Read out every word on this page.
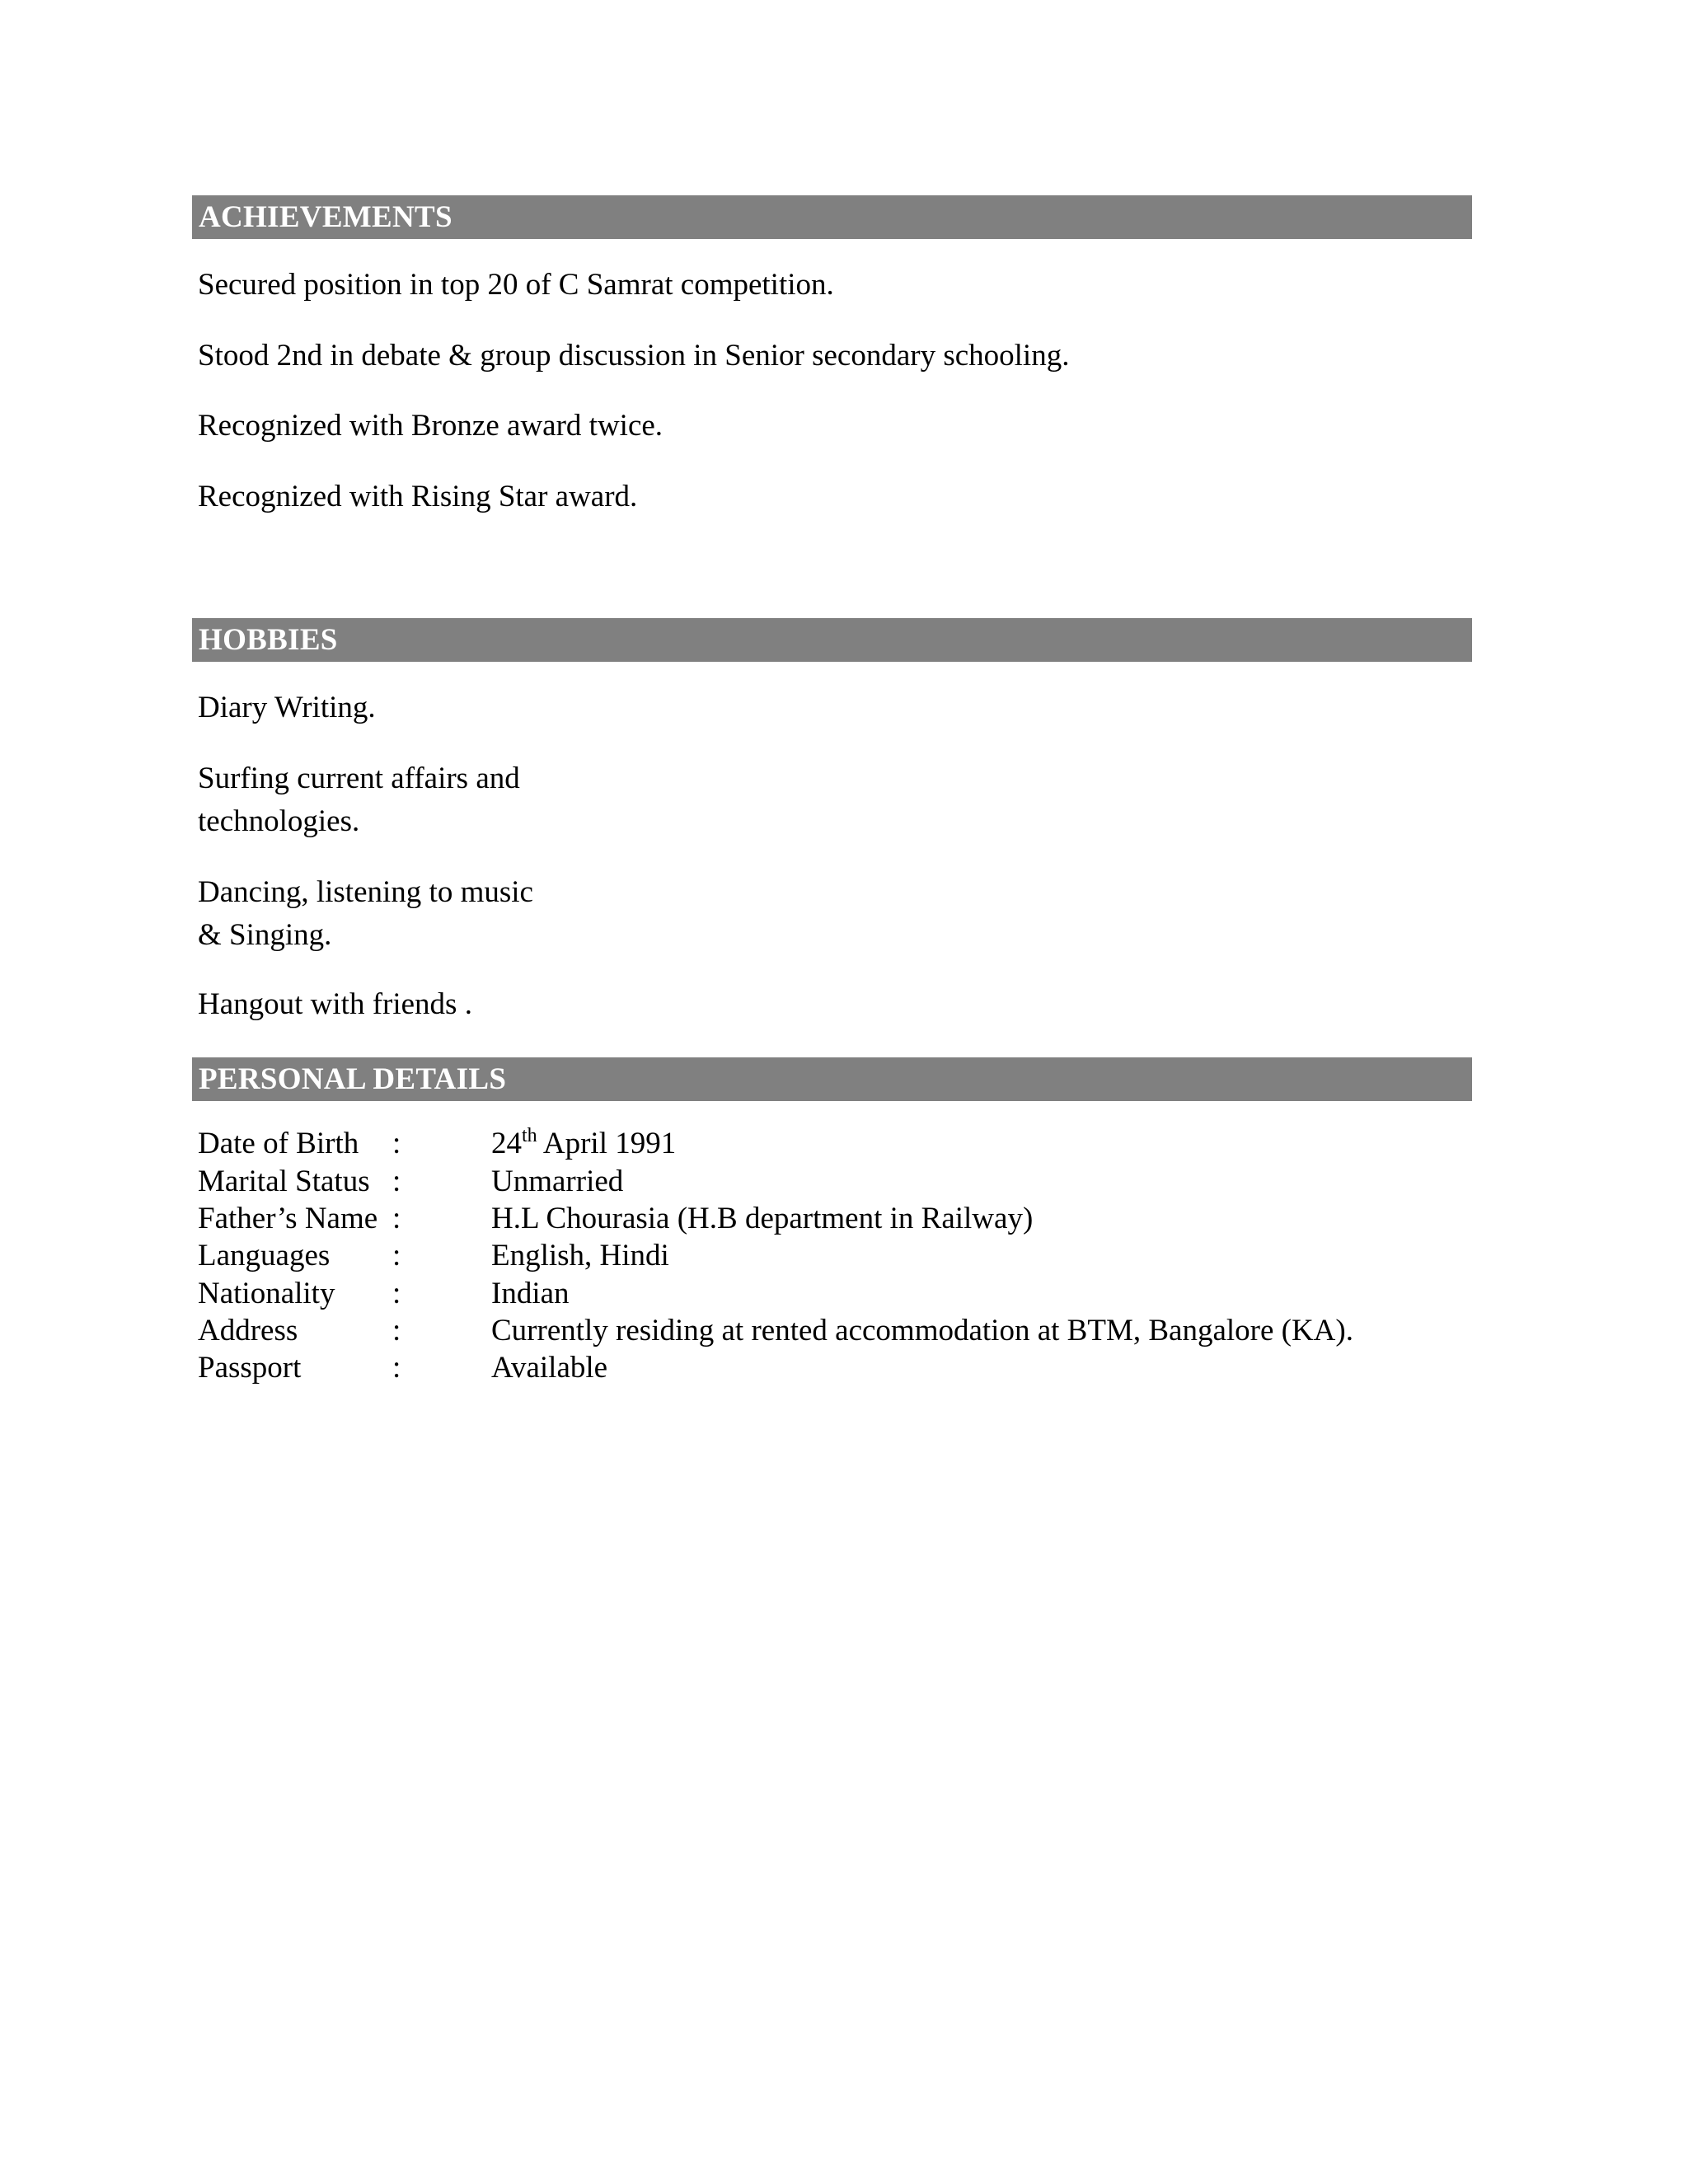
ACHIEVEMENTS
Secured position in top 20 of C Samrat competition.
Stood 2nd in debate & group discussion in Senior secondary schooling.
Recognized with Bronze award twice.
Recognized with Rising Star award.
HOBBIES
Diary Writing.
Surfing current affairs and
technologies.
Dancing, listening to music
& Singing.
Hangout with friends .
PERSONAL DETAILS
Date of Birth :	24th April 1991
Marital Status :	Unmarried
Father’s Name :	H.L Chourasia (H.B department in Railway)
Languages :	English, Hindi
Nationality :	Indian
Address	:	Currently residing at rented accommodation at BTM, Bangalore (KA).
Passport	:	Available
